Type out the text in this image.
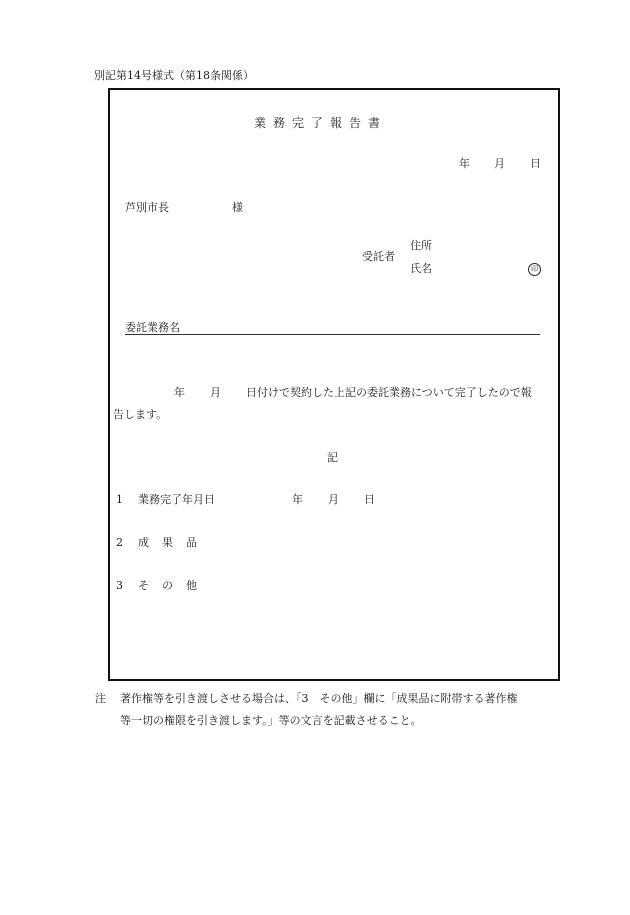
別記第14号様式（第18条関係）
業務完了報告書
年 月 日
芦別市長	様
受託者
住所
氏名	印
委託業務名
年 月 日付けで契約した上記の委託業務について完了したので報
告します。
記
1 業務完了年月日	年 月 日
2 成　果　品
3 そ　の　他
注 著作権等を引き渡しさせる場合は、「3　その他」欄に「成果品に附帯する著作権
等一切の権限を引き渡します。」等の文言を記載させること。
